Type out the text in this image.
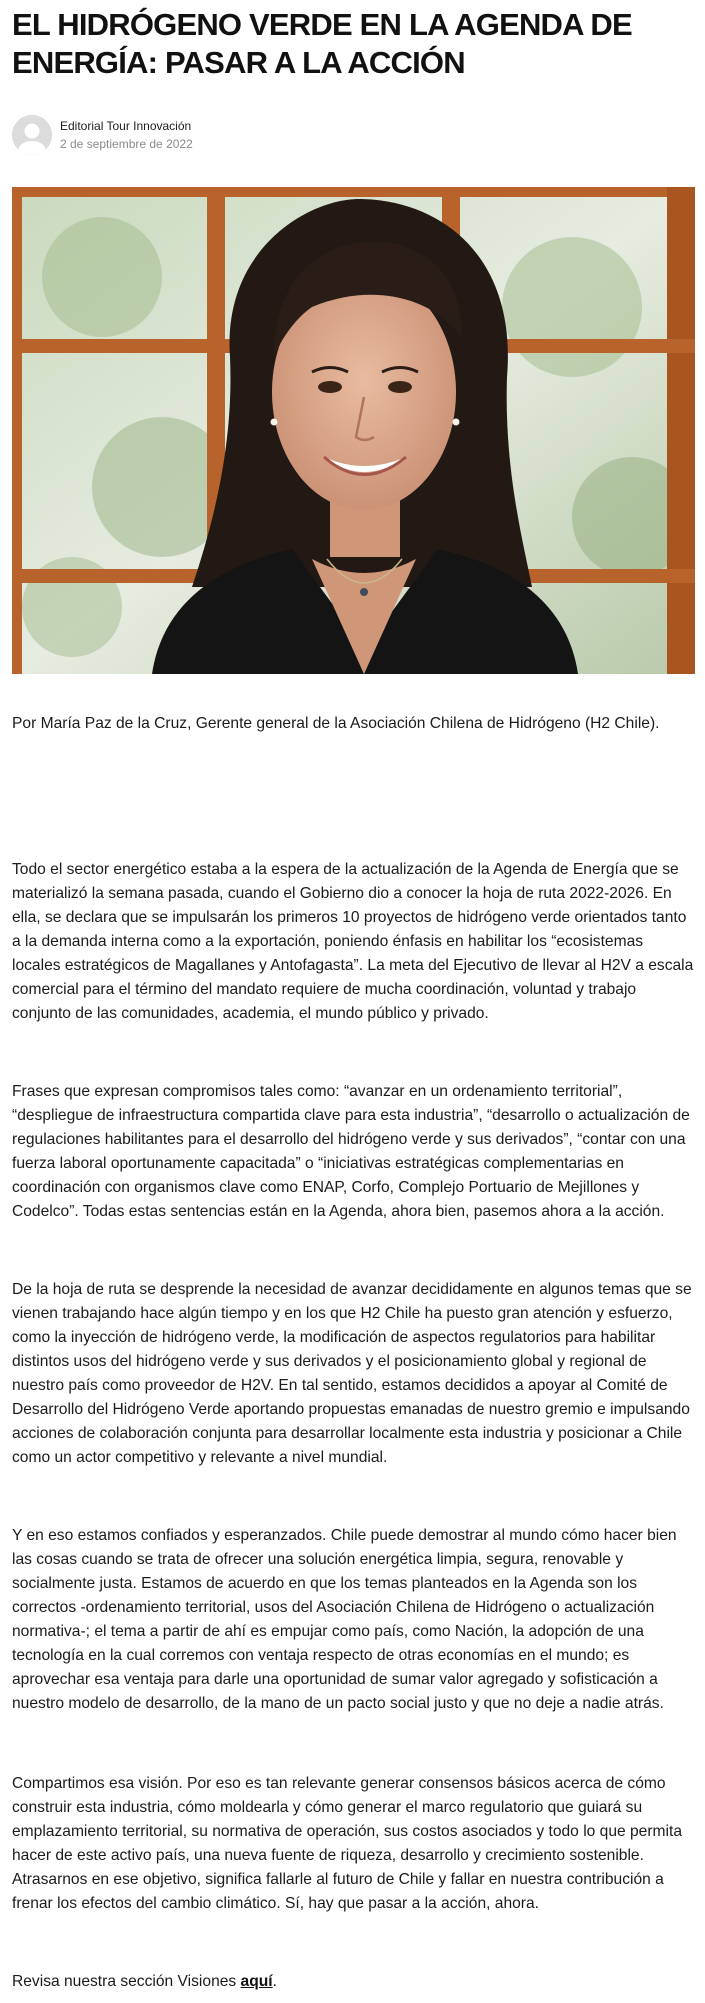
EL HIDRÓGENO VERDE EN LA AGENDA DE ENERGÍA: PASAR A LA ACCIÓN
Editorial Tour Innovación
2 de septiembre de 2022

Por María Paz de la Cruz, Gerente general de la Asociación Chilena de Hidrógeno (H2 Chile).

Todo el sector energético estaba a la espera de la actualización de la Agenda de Energía que se materializó la semana pasada, cuando el Gobierno dio a conocer la hoja de ruta 2022-2026. En ella, se declara que se impulsarán los primeros 10 proyectos de hidrógeno verde orientados tanto a la demanda interna como a la exportación, poniendo énfasis en habilitar los “ecosistemas locales estratégicos de Magallanes y Antofagasta”. La meta del Ejecutivo de llevar al H2V a escala comercial para el término del mandato requiere de mucha coordinación, voluntad y trabajo conjunto de las comunidades, academia, el mundo público y privado.

Frases que expresan compromisos tales como: “avanzar en un ordenamiento territorial”, “despliegue de infraestructura compartida clave para esta industria”, “desarrollo o actualización de regulaciones habilitantes para el desarrollo del hidrógeno verde y sus derivados”, “contar con una fuerza laboral oportunamente capacitada” o “iniciativas estratégicas complementarias en coordinación con organismos clave como ENAP, Corfo, Complejo Portuario de Mejillones y Codelco”. Todas estas sentencias están en la Agenda, ahora bien, pasemos ahora a la acción.

De la hoja de ruta se desprende la necesidad de avanzar decididamente en algunos temas que se vienen trabajando hace algún tiempo y en los que H2 Chile ha puesto gran atención y esfuerzo, como la inyección de hidrógeno verde, la modificación de aspectos regulatorios para habilitar distintos usos del hidrógeno verde y sus derivados y el posicionamiento global y regional de nuestro país como proveedor de H2V. En tal sentido, estamos decididos a apoyar al Comité de Desarrollo del Hidrógeno Verde aportando propuestas emanadas de nuestro gremio e impulsando acciones de colaboración conjunta para desarrollar localmente esta industria y posicionar a Chile como un actor competitivo y relevante a nivel mundial.

Y en eso estamos confiados y esperanzados. Chile puede demostrar al mundo cómo hacer bien las cosas cuando se trata de ofrecer una solución energética limpia, segura, renovable y socialmente justa. Estamos de acuerdo en que los temas planteados en la Agenda son los correctos -ordenamiento territorial, usos del Asociación Chilena de Hidrógeno o actualización normativa-; el tema a partir de ahí es empujar como país, como Nación, la adopción de una tecnología en la cual corremos con ventaja respecto de otras economías en el mundo; es aprovechar esa ventaja para darle una oportunidad de sumar valor agregado y sofisticación a nuestro modelo de desarrollo, de la mano de un pacto social justo y que no deje a nadie atrás.

Compartimos esa visión. Por eso es tan relevante generar consensos básicos acerca de cómo construir esta industria, cómo moldearla y cómo generar el marco regulatorio que guiará su emplazamiento territorial, su normativa de operación, sus costos asociados y todo lo que permita hacer de este activo país, una nueva fuente de riqueza, desarrollo y crecimiento sostenible. Atrasarnos en ese objetivo, significa fallarle al futuro de Chile y fallar en nuestra contribución a frenar los efectos del cambio climático. Sí, hay que pasar a la acción, ahora.

Revisa nuestra sección Visiones aquí.
